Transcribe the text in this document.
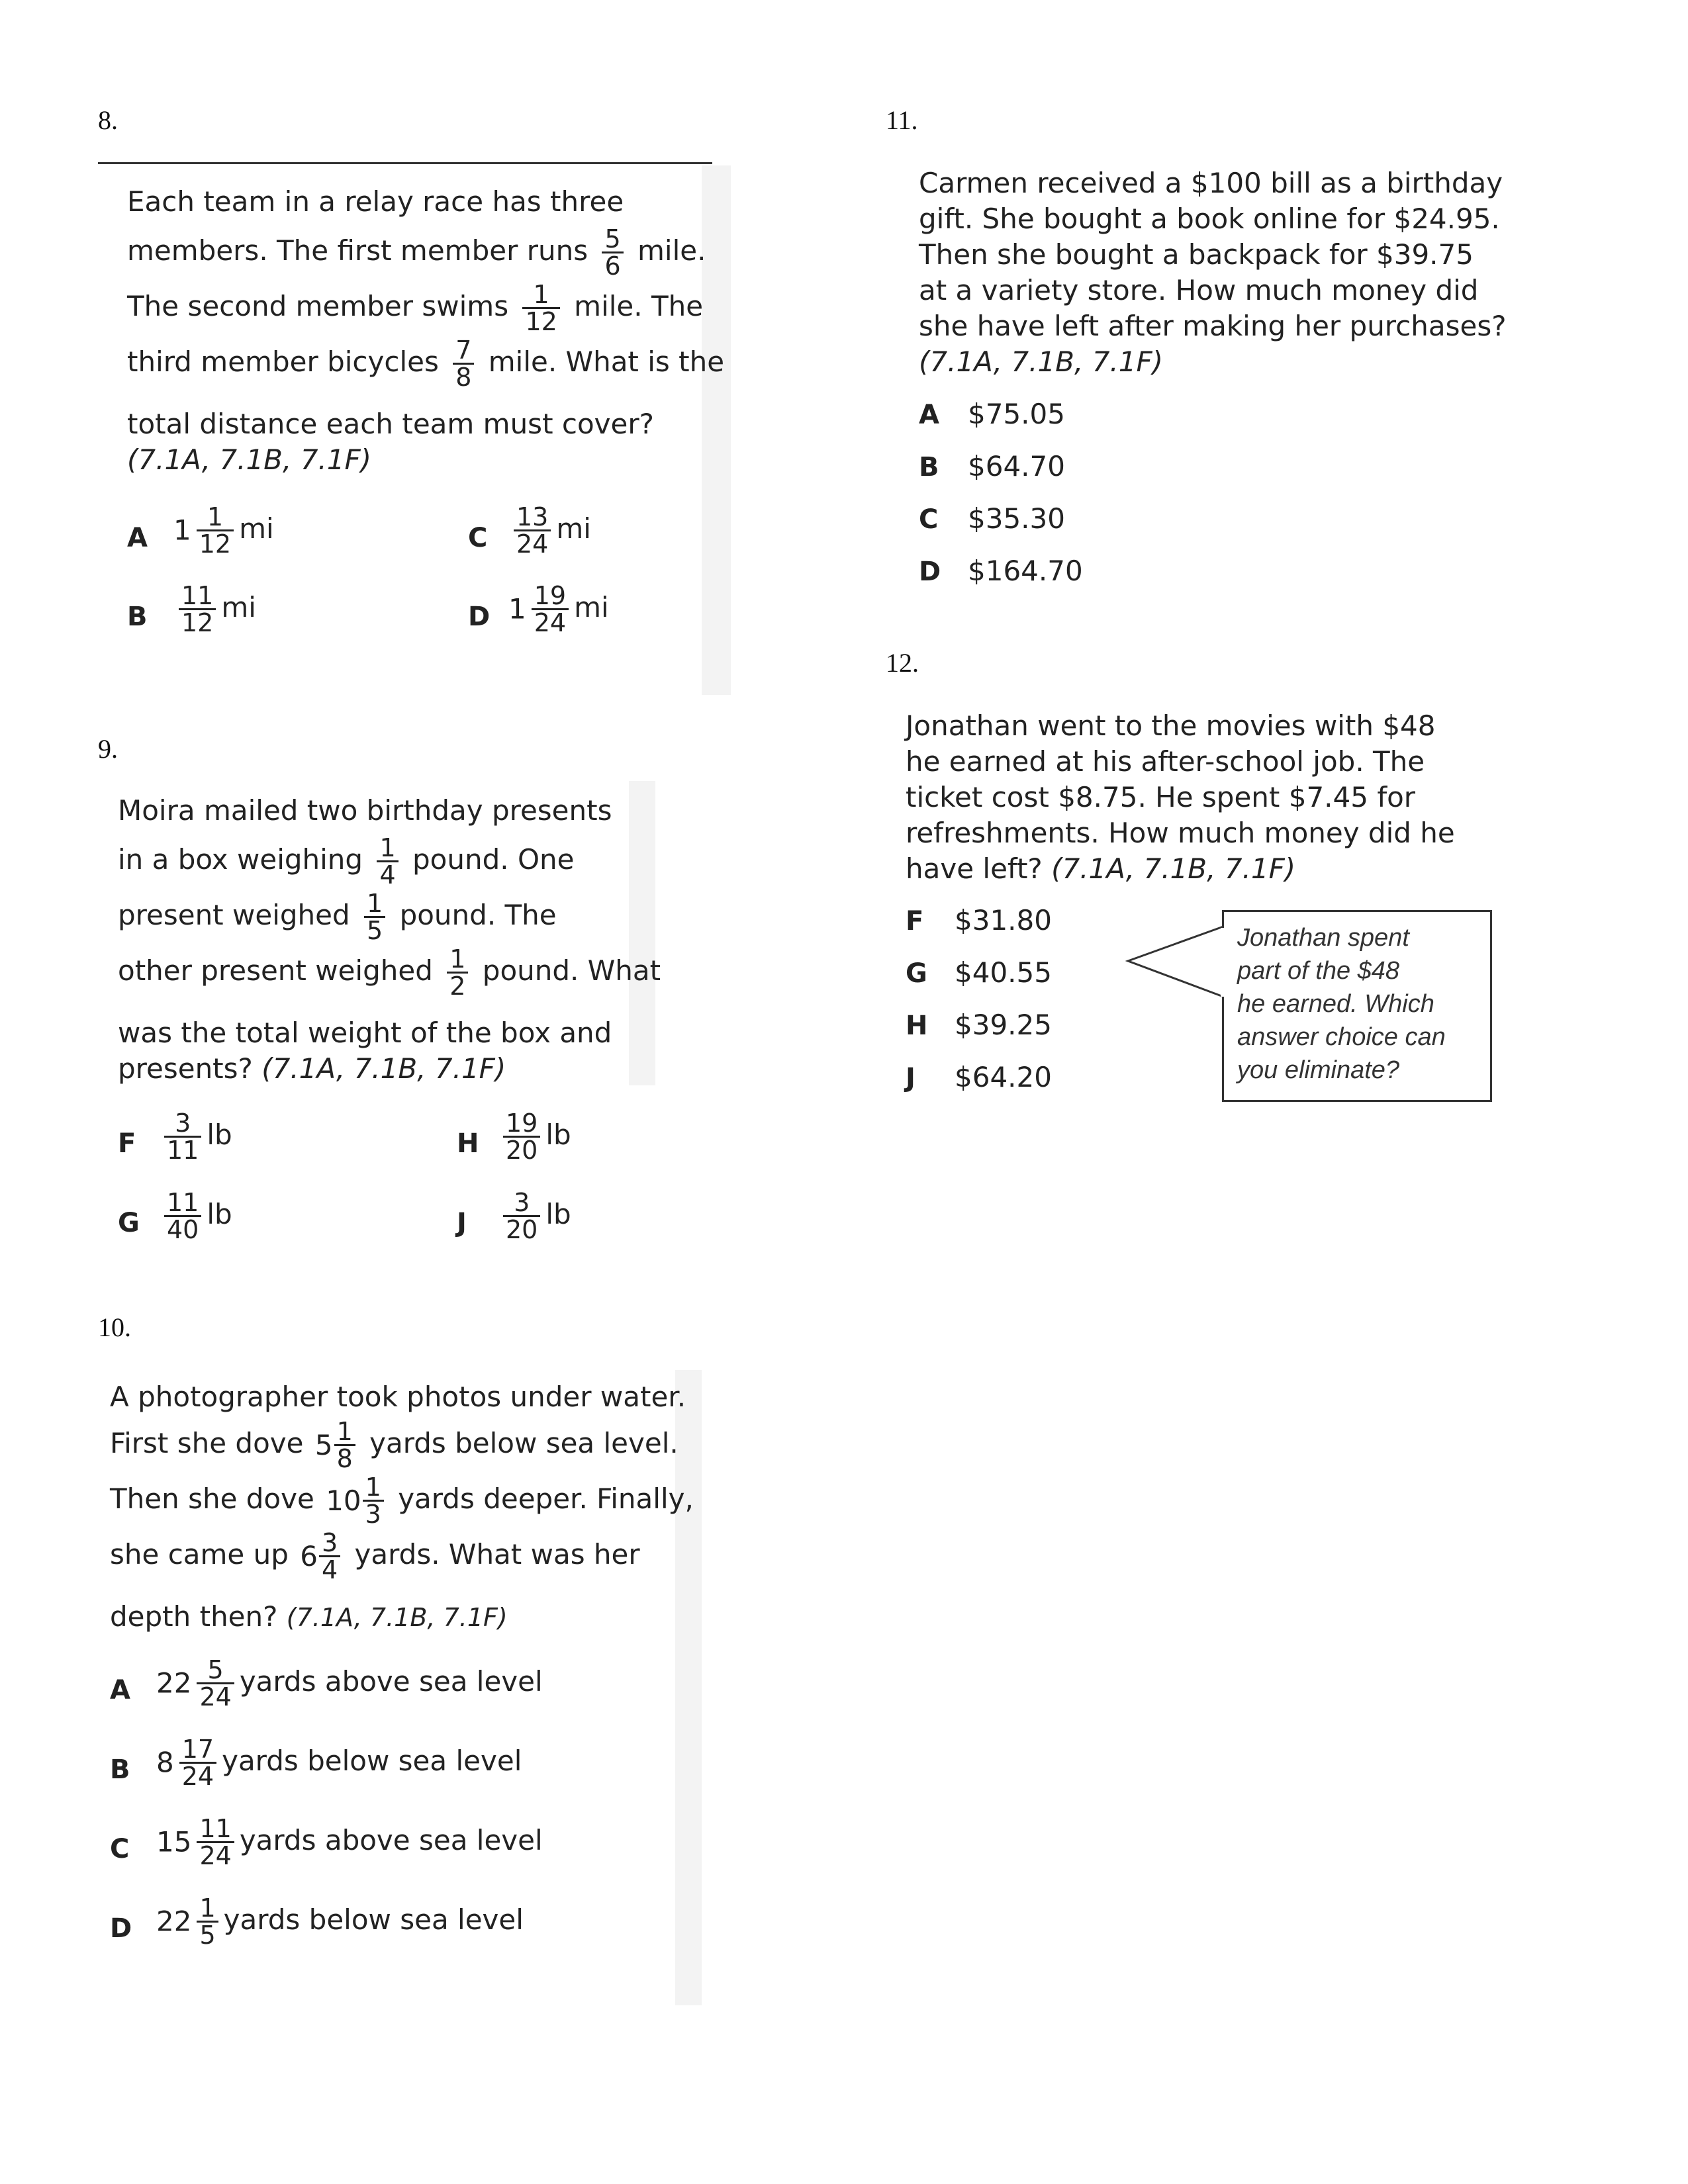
8.
Each team in a relay race has three
members. The first member runs $\frac{5}{6}$ mile.
The second member swims $\frac{1}{12}$ mile. The
third member bicycles $\frac{7}{8}$ mile. What is the
total distance each team must cover?
(7.1A, 7.1B, 7.1F)
A $1 \frac{1}{12}$ mi	C $\frac{13}{24}$ mi
B $\frac{11}{12}$ mi	D $1 \frac{19}{24}$ mi
9.
Moira mailed two birthday presents
in a box weighing $\frac{1}{4}$ pound. One
present weighed $\frac{1}{5}$ pound. The
other present weighed $\frac{1}{2}$ pound. What
was the total weight of the box and
presents? (7.1A, 7.1B, 7.1F)
F $\frac{3}{11}$ lb	H $\frac{19}{20}$ lb
G $\frac{11}{40}$ lb	J $\frac{3}{20}$ lb
10.
A photographer took photos under water.
First she dove $5 \frac{1}{8}$ yards below sea level.
Then she dove $10 \frac{1}{3}$ yards deeper. Finally,
she came up $6 \frac{3}{4}$ yards. What was her
depth then? (7.1A, 7.1B, 7.1F)
A $22 \frac{5}{24}$ yards above sea level
B $8 \frac{17}{24}$ yards below sea level
C $15 \frac{11}{24}$ yards above sea level
D $22 \frac{1}{5}$ yards below sea level
11.
Carmen received a $100 bill as a birthday
gift. She bought a book online for $24.95.
Then she bought a backpack for $39.75
at a variety store. How much money did
she have left after making her purchases?
(7.1A, 7.1B, 7.1F)
A $75.05
B $64.70
C $35.30
D $164.70
12.
Jonathan went to the movies with $48
he earned at his after-school job. The
ticket cost $8.75. He spent $7.45 for
refreshments. How much money did he
have left? (7.1A, 7.1B, 7.1F)
F $31.80
G $40.55
H $39.25
J $64.20
Jonathan spent
part of the $48
he earned. Which
answer choice can
you eliminate?
